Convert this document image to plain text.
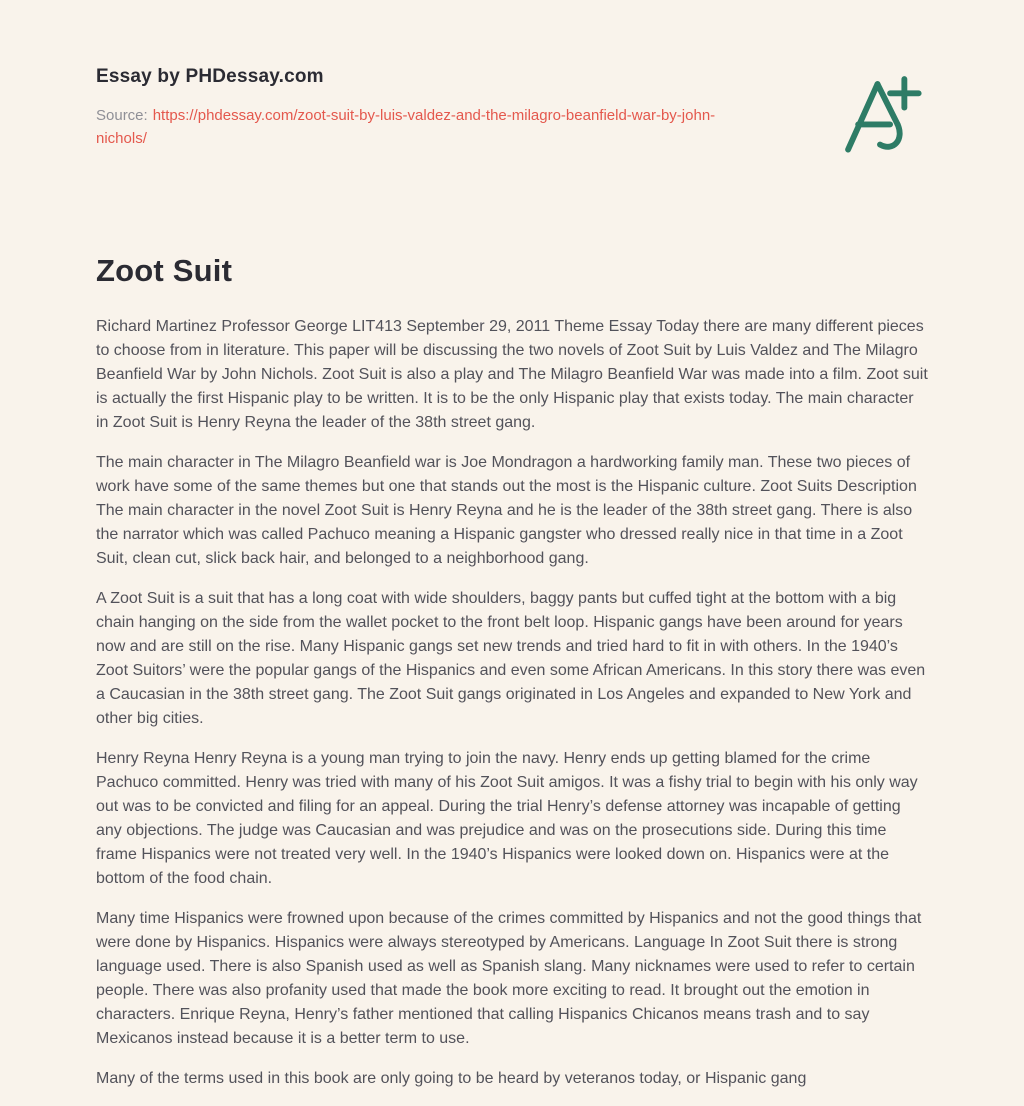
Essay by PHDessay.com

Source: https://phdessay.com/zoot-suit-by-luis-valdez-and-the-milagro-beanfield-war-by-john-nichols/

Zoot Suit

Richard Martinez Professor George LIT413 September 29, 2011 Theme Essay Today there are many different pieces to choose from in literature. This paper will be discussing the two novels of Zoot Suit by Luis Valdez and The Milagro Beanfield War by John Nichols. Zoot Suit is also a play and The Milagro Beanfield War was made into a film. Zoot suit is actually the first Hispanic play to be written. It is to be the only Hispanic play that exists today. The main character in Zoot Suit is Henry Reyna the leader of the 38th street gang.

The main character in The Milagro Beanfield war is Joe Mondragon a hardworking family man. These two pieces of work have some of the same themes but one that stands out the most is the Hispanic culture. Zoot Suits Description The main character in the novel Zoot Suit is Henry Reyna and he is the leader of the 38th street gang. There is also the narrator which was called Pachuco meaning a Hispanic gangster who dressed really nice in that time in a Zoot Suit, clean cut, slick back hair, and belonged to a neighborhood gang.

A Zoot Suit is a suit that has a long coat with wide shoulders, baggy pants but cuffed tight at the bottom with a big chain hanging on the side from the wallet pocket to the front belt loop. Hispanic gangs have been around for years now and are still on the rise. Many Hispanic gangs set new trends and tried hard to fit in with others. In the 1940’s Zoot Suitors’ were the popular gangs of the Hispanics and even some African Americans. In this story there was even a Caucasian in the 38th street gang. The Zoot Suit gangs originated in Los Angeles and expanded to New York and other big cities.

Henry Reyna Henry Reyna is a young man trying to join the navy. Henry ends up getting blamed for the crime Pachuco committed. Henry was tried with many of his Zoot Suit amigos. It was a fishy trial to begin with his only way out was to be convicted and filing for an appeal. During the trial Henry’s defense attorney was incapable of getting any objections. The judge was Caucasian and was prejudice and was on the prosecutions side. During this time frame Hispanics were not treated very well. In the 1940’s Hispanics were looked down on. Hispanics were at the bottom of the food chain.

Many time Hispanics were frowned upon because of the crimes committed by Hispanics and not the good things that were done by Hispanics. Hispanics were always stereotyped by Americans. Language In Zoot Suit there is strong language used. There is also Spanish used as well as Spanish slang. Many nicknames were used to refer to certain people. There was also profanity used that made the book more exciting to read. It brought out the emotion in characters. Enrique Reyna, Henry’s father mentioned that calling Hispanics Chicanos means trash and to say Mexicanos instead because it is a better term to use.

Many of the terms used in this book are only going to be heard by veteranos today, or Hispanic gang
